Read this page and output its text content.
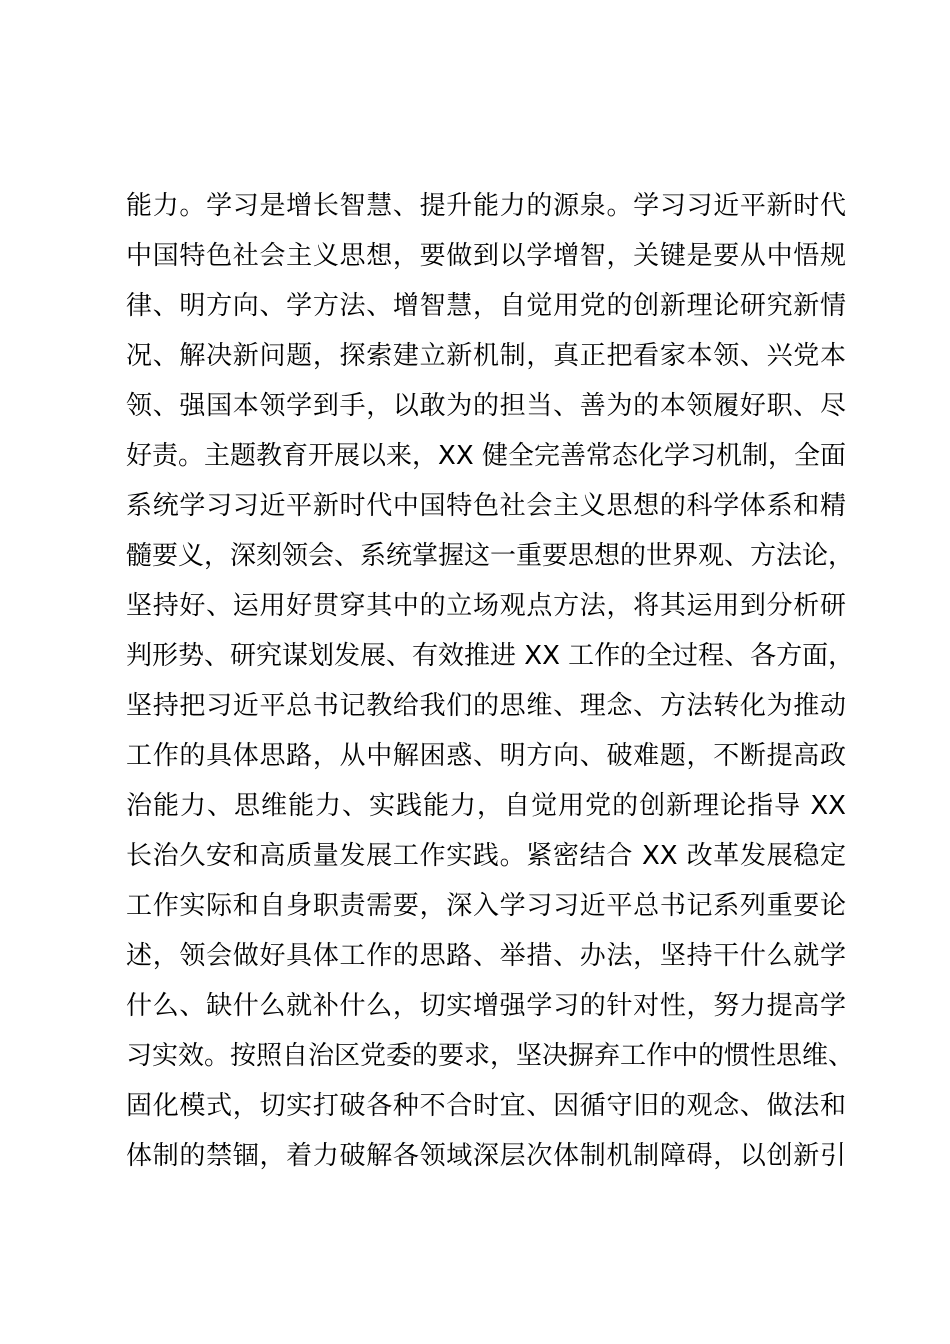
能力。学习是增长智慧、提升能力的源泉。学习习近平新时代
中国特色社会主义思想，要做到以学增智，关键是要从中悟规
律、明方向、学方法、增智慧，自觉用党的创新理论研究新情
况、解决新问题，探索建立新机制，真正把看家本领、兴党本
领、强国本领学到手，以敢为的担当、善为的本领履好职、尽
好责。主题教育开展以来，XX 健全完善常态化学习机制，全面
系统学习习近平新时代中国特色社会主义思想的科学体系和精
髓要义，深刻领会、系统掌握这一重要思想的世界观、方法论，
坚持好、运用好贯穿其中的立场观点方法，将其运用到分析研
判形势、研究谋划发展、有效推进 XX 工作的全过程、各方面，
坚持把习近平总书记教给我们的思维、理念、方法转化为推动
工作的具体思路，从中解困惑、明方向、破难题，不断提高政
治能力、思维能力、实践能力，自觉用党的创新理论指导 XX
长治久安和高质量发展工作实践。紧密结合 XX 改革发展稳定
工作实际和自身职责需要，深入学习习近平总书记系列重要论
述，领会做好具体工作的思路、举措、办法，坚持干什么就学
什么、缺什么就补什么，切实增强学习的针对性，努力提高学
习实效。按照自治区党委的要求，坚决摒弃工作中的惯性思维、
固化模式，切实打破各种不合时宜、因循守旧的观念、做法和
体制的禁锢，着力破解各领域深层次体制机制障碍，以创新引
